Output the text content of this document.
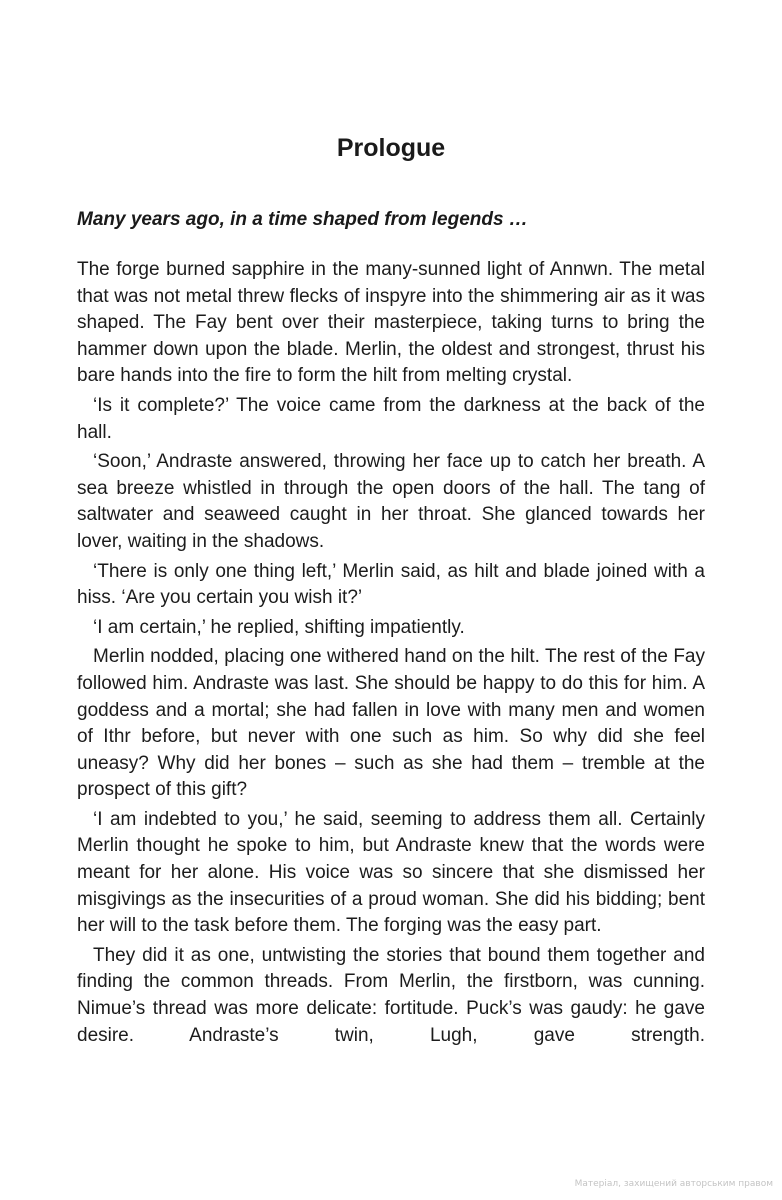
Prologue

Many years ago, in a time shaped from legends …

The forge burned sapphire in the many-sunned light of Annwn. The metal that was not metal threw flecks of inspyre into the shimmering air as it was shaped. The Fay bent over their masterpiece, taking turns to bring the hammer down upon the blade. Merlin, the oldest and strongest, thrust his bare hands into the fire to form the hilt from melting crystal.

‘Is it complete?’ The voice came from the darkness at the back of the hall.

‘Soon,’ Andraste answered, throwing her face up to catch her breath. A sea breeze whistled in through the open doors of the hall. The tang of saltwater and seaweed caught in her throat. She glanced towards her lover, waiting in the shadows.

‘There is only one thing left,’ Merlin said, as hilt and blade joined with a hiss. ‘Are you certain you wish it?’

‘I am certain,’ he replied, shifting impatiently.

Merlin nodded, placing one withered hand on the hilt. The rest of the Fay followed him. Andraste was last. She should be happy to do this for him. A goddess and a mortal; she had fallen in love with many men and women of Ithr before, but never with one such as him. So why did she feel uneasy? Why did her bones – such as she had them – tremble at the prospect of this gift?

‘I am indebted to you,’ he said, seeming to address them all. Certainly Merlin thought he spoke to him, but Andraste knew that the words were meant for her alone. His voice was so sincere that she dismissed her misgivings as the insecurities of a proud woman. She did his bidding; bent her will to the task before them. The forging was the easy part.

They did it as one, untwisting the stories that bound them together and finding the common threads. From Merlin, the firstborn, was cunning. Nimue’s thread was more delicate: fortitude. Puck’s was gaudy: he gave desire. Andraste’s twin, Lugh, gave strength.

Матеріал, захищений авторським правом
